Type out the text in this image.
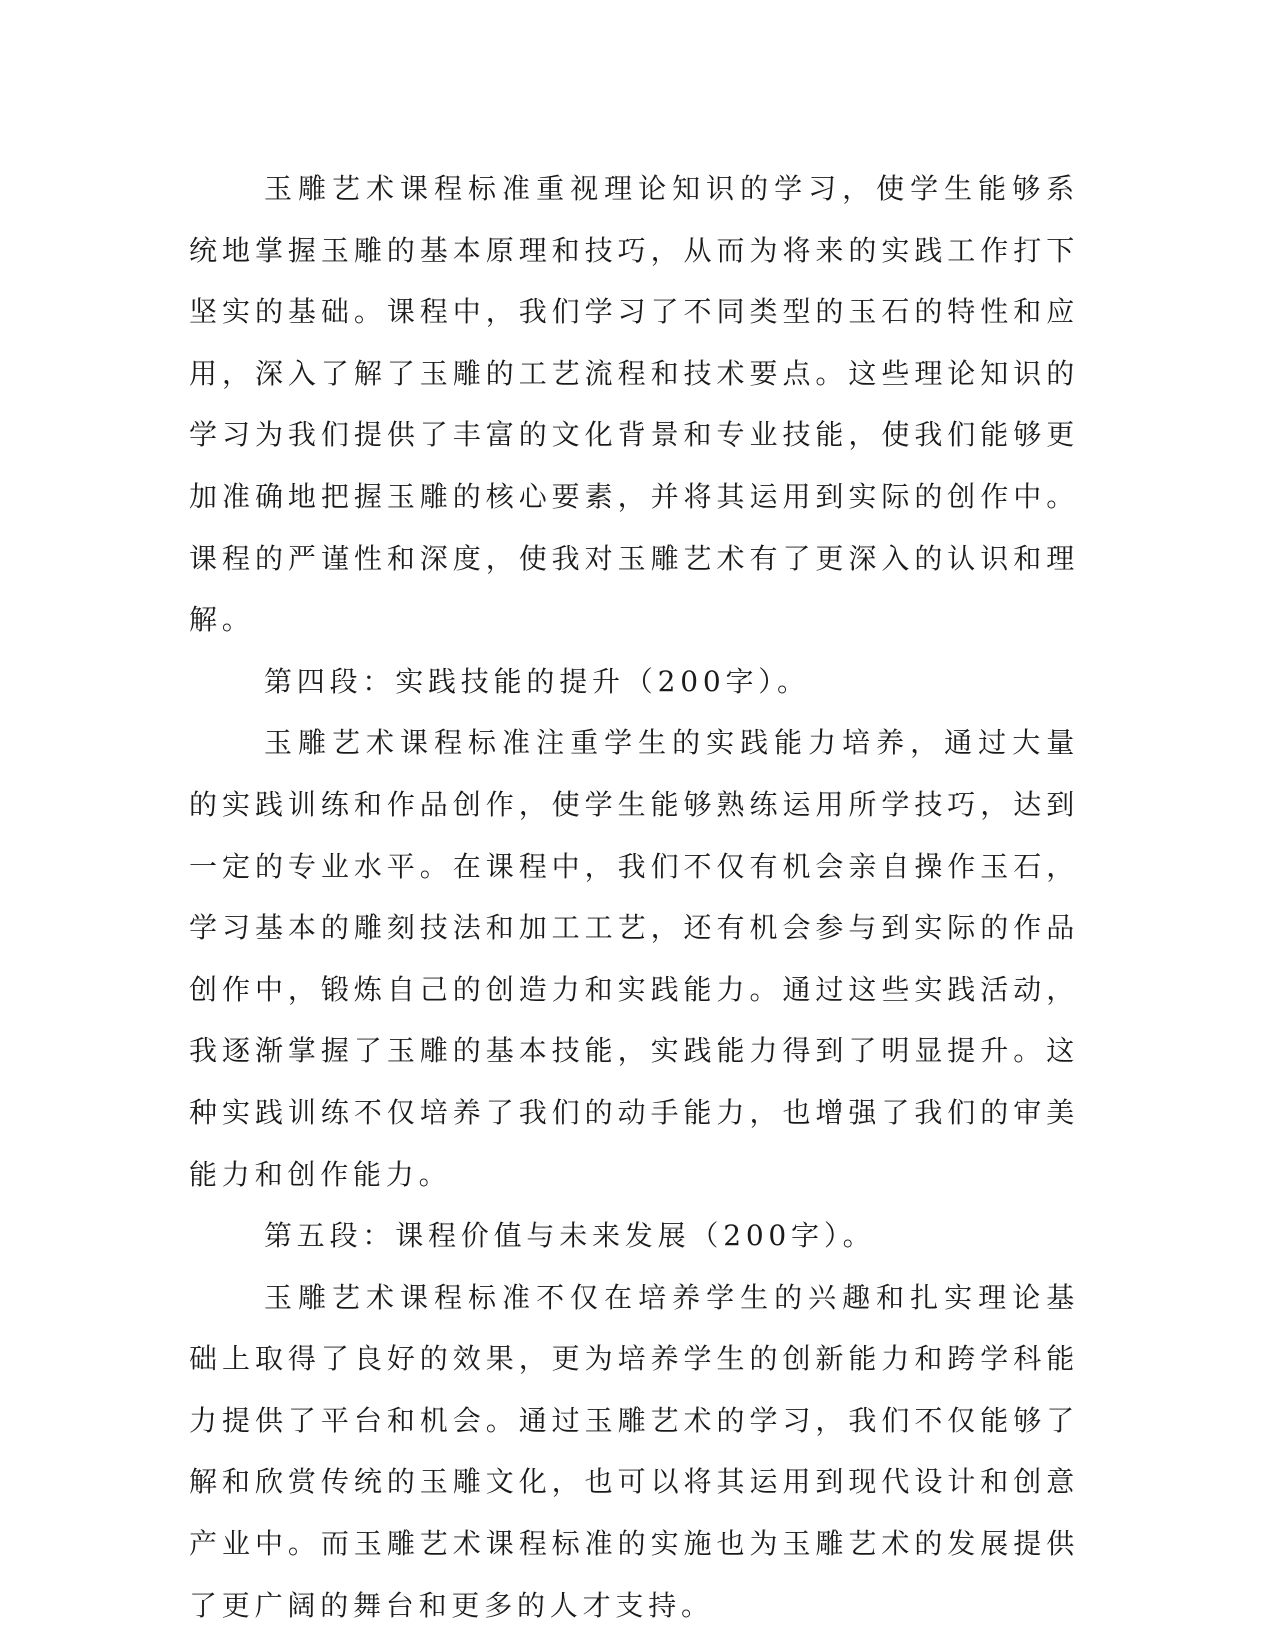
玉雕艺术课程标准重视理论知识的学习，使学生能够系统地掌握玉雕的基本原理和技巧，从而为将来的实践工作打下坚实的基础。课程中，我们学习了不同类型的玉石的特性和应用，深入了解了玉雕的工艺流程和技术要点。这些理论知识的学习为我们提供了丰富的文化背景和专业技能，使我们能够更加准确地把握玉雕的核心要素，并将其运用到实际的创作中。课程的严谨性和深度，使我对玉雕艺术有了更深入的认识和理解。

第四段：实践技能的提升（200字）。

玉雕艺术课程标准注重学生的实践能力培养，通过大量的实践训练和作品创作，使学生能够熟练运用所学技巧，达到一定的专业水平。在课程中，我们不仅有机会亲自操作玉石，学习基本的雕刻技法和加工工艺，还有机会参与到实际的作品创作中，锻炼自己的创造力和实践能力。通过这些实践活动，我逐渐掌握了玉雕的基本技能，实践能力得到了明显提升。这种实践训练不仅培养了我们的动手能力，也增强了我们的审美能力和创作能力。

第五段：课程价值与未来发展（200字）。

玉雕艺术课程标准不仅在培养学生的兴趣和扎实理论基础上取得了良好的效果，更为培养学生的创新能力和跨学科能力提供了平台和机会。通过玉雕艺术的学习，我们不仅能够了解和欣赏传统的玉雕文化，也可以将其运用到现代设计和创意产业中。而玉雕艺术课程标准的实施也为玉雕艺术的发展提供了更广阔的舞台和更多的人才支持。
